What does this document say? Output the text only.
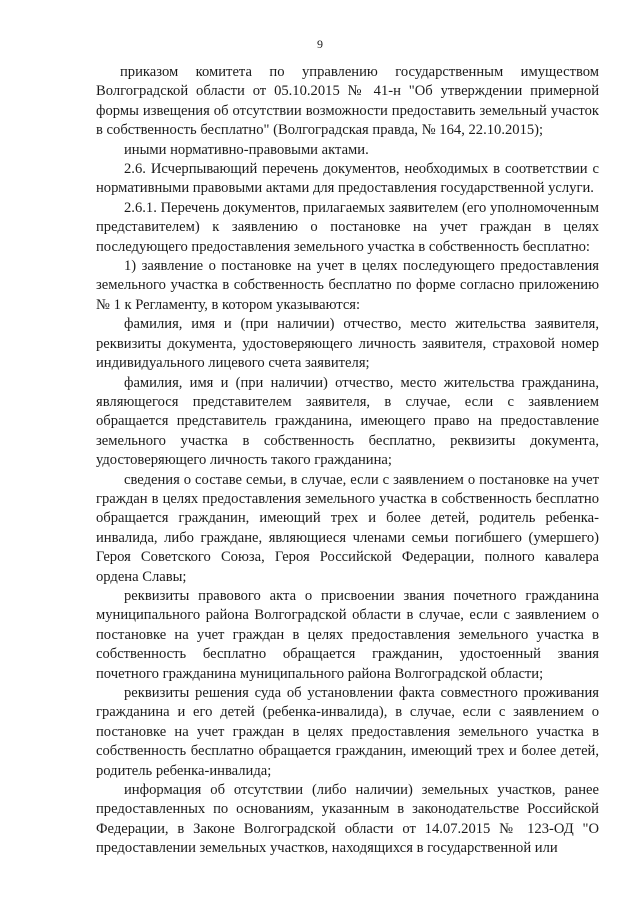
9

приказом комитета по управлению государственным имуществом Волгоградской области от 05.10.2015 № 41-н "Об утверждении примерной формы извещения об отсутствии возможности предоставить земельный участок в собственность бесплатно" (Волгоградская правда, № 164, 22.10.2015);

иными нормативно-правовыми актами.

2.6. Исчерпывающий перечень документов, необходимых в соответствии с нормативными правовыми актами для предоставления государственной услуги.

2.6.1. Перечень документов, прилагаемых заявителем (его уполномоченным представителем) к заявлению о постановке на учет граждан в целях последующего предоставления земельного участка в собственность бесплатно:

1) заявление о постановке на учет в целях последующего предоставления земельного участка в собственность бесплатно по форме согласно приложению № 1 к Регламенту, в котором указываются:

фамилия, имя и (при наличии) отчество, место жительства заявителя, реквизиты документа, удостоверяющего личность заявителя, страховой номер индивидуального лицевого счета заявителя;

фамилия, имя и (при наличии) отчество, место жительства гражданина, являющегося представителем заявителя, в случае, если с заявлением обращается представитель гражданина, имеющего право на предоставление земельного участка в собственность бесплатно, реквизиты документа, удостоверяющего личность такого гражданина;

сведения о составе семьи, в случае, если с заявлением о постановке на учет граждан в целях предоставления земельного участка в собственность бесплатно обращается гражданин, имеющий трех и более детей, родитель ребенка-инвалида, либо граждане, являющиеся членами семьи погибшего (умершего) Героя Советского Союза, Героя Российской Федерации, полного кавалера ордена Славы;

реквизиты правового акта о присвоении звания почетного гражданина муниципального района Волгоградской области в случае, если с заявлением о постановке на учет граждан в целях предоставления земельного участка в собственность бесплатно обращается гражданин, удостоенный звания почетного гражданина муниципального района Волгоградской области;

реквизиты решения суда об установлении факта совместного проживания гражданина и его детей (ребенка-инвалида), в случае, если с заявлением о постановке на учет граждан в целях предоставления земельного участка в собственность бесплатно обращается гражданин, имеющий трех и более детей, родитель ребенка-инвалида;

информация об отсутствии (либо наличии) земельных участков, ранее предоставленных по основаниям, указанным в законодательстве Российской Федерации, в Законе Волгоградской области от 14.07.2015 № 123-ОД "О предоставлении земельных участков, находящихся в государственной или
